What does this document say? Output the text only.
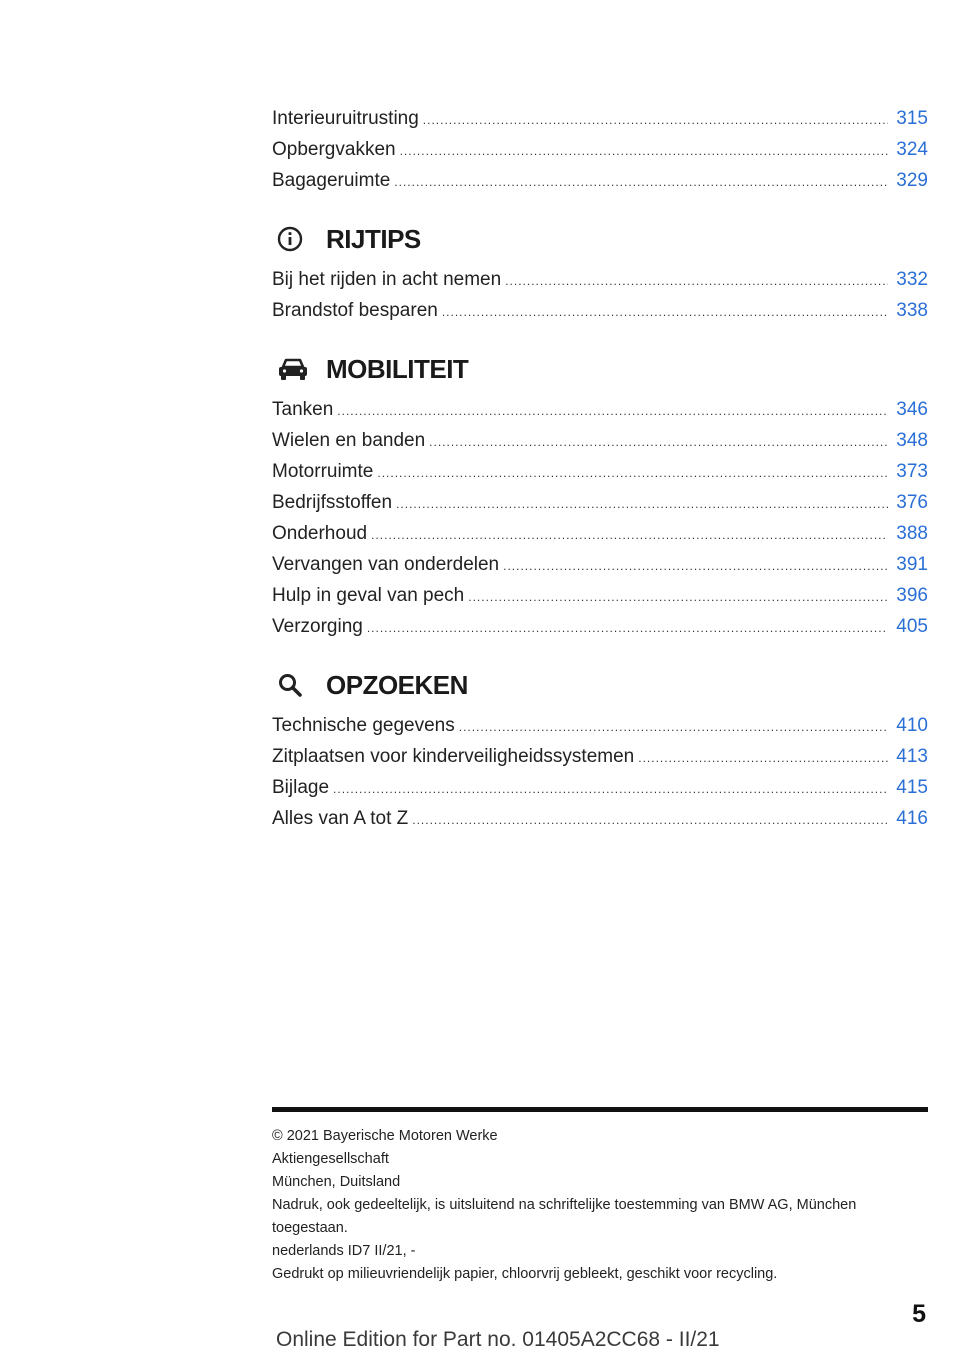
Interieuruitrusting .....	315
Opbergvakken .....	324
Bagageruimte .....	329
RIJTIPS
Bij het rijden in acht nemen .....	332
Brandstof besparen .....	338
MOBILITEIT
Tanken .....	346
Wielen en banden .....	348
Motorruimte .....	373
Bedrijfsstoffen .....	376
Onderhoud .....	388
Vervangen van onderdelen .....	391
Hulp in geval van pech .....	396
Verzorging .....	405
OPZOEKEN
Technische gegevens .....	410
Zitplaatsen voor kinderveiligheidssystemen .....	413
Bijlage .....	415
Alles van A tot Z .....	416
© 2021 Bayerische Motoren Werke
Aktiengesellschaft
München, Duitsland
Nadruk, ook gedeeltelijk, is uitsluitend na schriftelijke toestemming van BMW AG, München toegestaan.
nederlands ID7 II/21, -
Gedrukt op milieuvriendelijk papier, chloorvrij gebleekt, geschikt voor recycling.
5
Online Edition for Part no. 01405A2CC68 - II/21
